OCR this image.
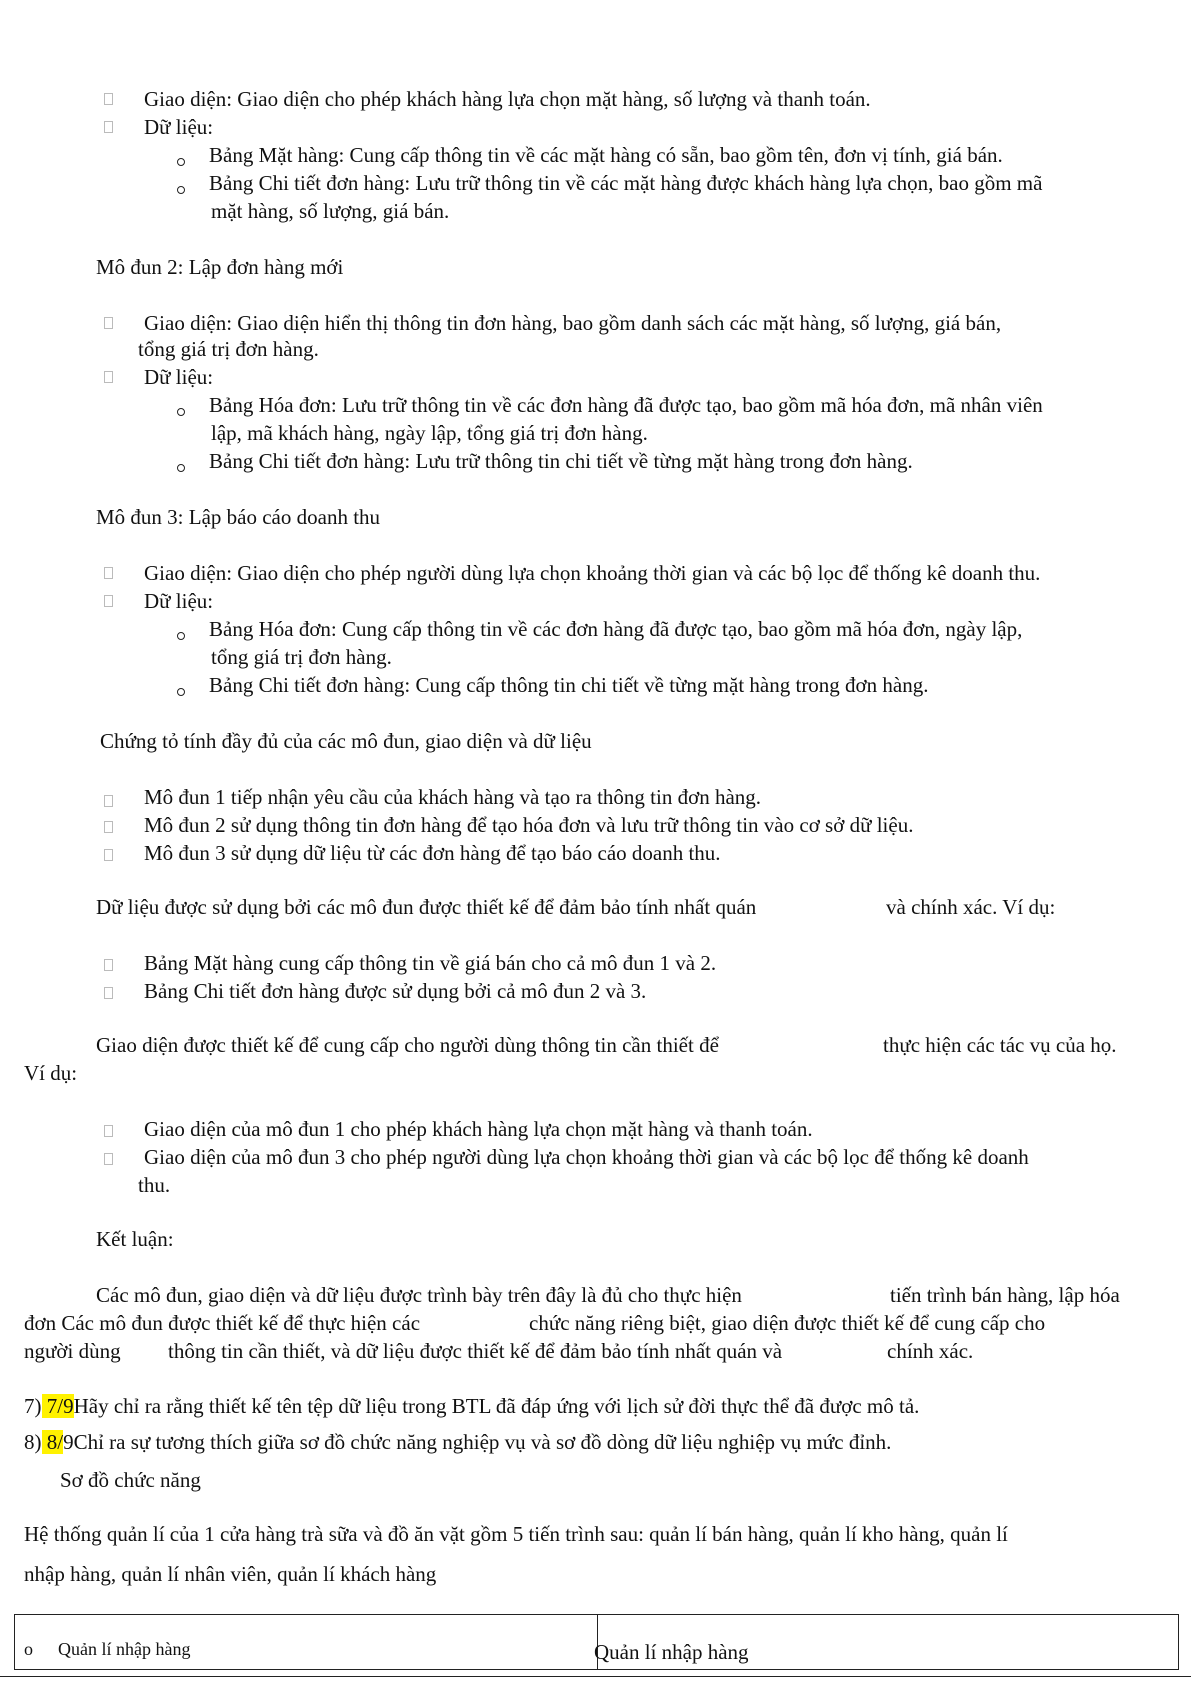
Giao diện: Giao diện cho phép khách hàng lựa chọn mặt hàng, số lượng và thanh toán.
Dữ liệu:
Bảng Mặt hàng: Cung cấp thông tin về các mặt hàng có sẵn, bao gồm tên, đơn vị tính, giá bán.
Bảng Chi tiết đơn hàng: Lưu trữ thông tin về các mặt hàng được khách hàng lựa chọn, bao gồm mã
mặt hàng, số lượng, giá bán.
Mô đun 2: Lập đơn hàng mới
Giao diện: Giao diện hiển thị thông tin đơn hàng, bao gồm danh sách các mặt hàng, số lượng, giá bán,
tổng giá trị đơn hàng.
Dữ liệu:
Bảng Hóa đơn: Lưu trữ thông tin về các đơn hàng đã được tạo, bao gồm mã hóa đơn, mã nhân viên
lập, mã khách hàng, ngày lập, tổng giá trị đơn hàng.
Bảng Chi tiết đơn hàng: Lưu trữ thông tin chi tiết về từng mặt hàng trong đơn hàng.
Mô đun 3: Lập báo cáo doanh thu
Giao diện: Giao diện cho phép người dùng lựa chọn khoảng thời gian và các bộ lọc để thống kê doanh thu.
Dữ liệu:
Bảng Hóa đơn: Cung cấp thông tin về các đơn hàng đã được tạo, bao gồm mã hóa đơn, ngày lập,
tổng giá trị đơn hàng.
Bảng Chi tiết đơn hàng: Cung cấp thông tin chi tiết về từng mặt hàng trong đơn hàng.
Chứng tỏ tính đầy đủ của các mô đun, giao diện và dữ liệu
Mô đun 1 tiếp nhận yêu cầu của khách hàng và tạo ra thông tin đơn hàng.
Mô đun 2 sử dụng thông tin đơn hàng để tạo hóa đơn và lưu trữ thông tin vào cơ sở dữ liệu.
Mô đun 3 sử dụng dữ liệu từ các đơn hàng để tạo báo cáo doanh thu.
Dữ liệu được sử dụng bởi các mô đun được thiết kế để đảm bảo tính nhất quán	và chính xác. Ví dụ:
Bảng Mặt hàng cung cấp thông tin về giá bán cho cả mô đun 1 và 2.
Bảng Chi tiết đơn hàng được sử dụng bởi cả mô đun 2 và 3.
Giao diện được thiết kế để cung cấp cho người dùng thông tin cần thiết để	thực hiện các tác vụ của họ.
Ví dụ:
Giao diện của mô đun 1 cho phép khách hàng lựa chọn mặt hàng và thanh toán.
Giao diện của mô đun 3 cho phép người dùng lựa chọn khoảng thời gian và các bộ lọc để thống kê doanh
thu.
Kết luận:
Các mô đun, giao diện và dữ liệu được trình bày trên đây là đủ cho thực hiện	tiến trình bán hàng, lập hóa
đơn Các mô đun được thiết kế để thực hiện các	chức năng riêng biệt, giao diện được thiết kế để cung cấp cho
người dùng thông tin cần thiết, và dữ liệu được thiết kế để đảm bảo tính nhất quán và	chính xác.
7) 7/9Hãy chỉ ra rằng thiết kế tên tệp dữ liệu trong BTL đã đáp ứng với lịch sử đời thực thể đã được mô tả.
8) 8/9Chỉ ra sự tương thích giữa sơ đồ chức năng nghiệp vụ và sơ đồ dòng dữ liệu nghiệp vụ mức đỉnh.
Sơ đồ chức năng
Hệ thống quản lí của 1 cửa hàng trà sữa và đồ ăn vặt gồm 5 tiến trình sau: quản lí bán hàng, quản lí kho hàng, quản lí
nhập hàng, quản lí nhân viên, quản lí khách hàng
o Quản lí nhập hàng	Quản lí nhập hàng
